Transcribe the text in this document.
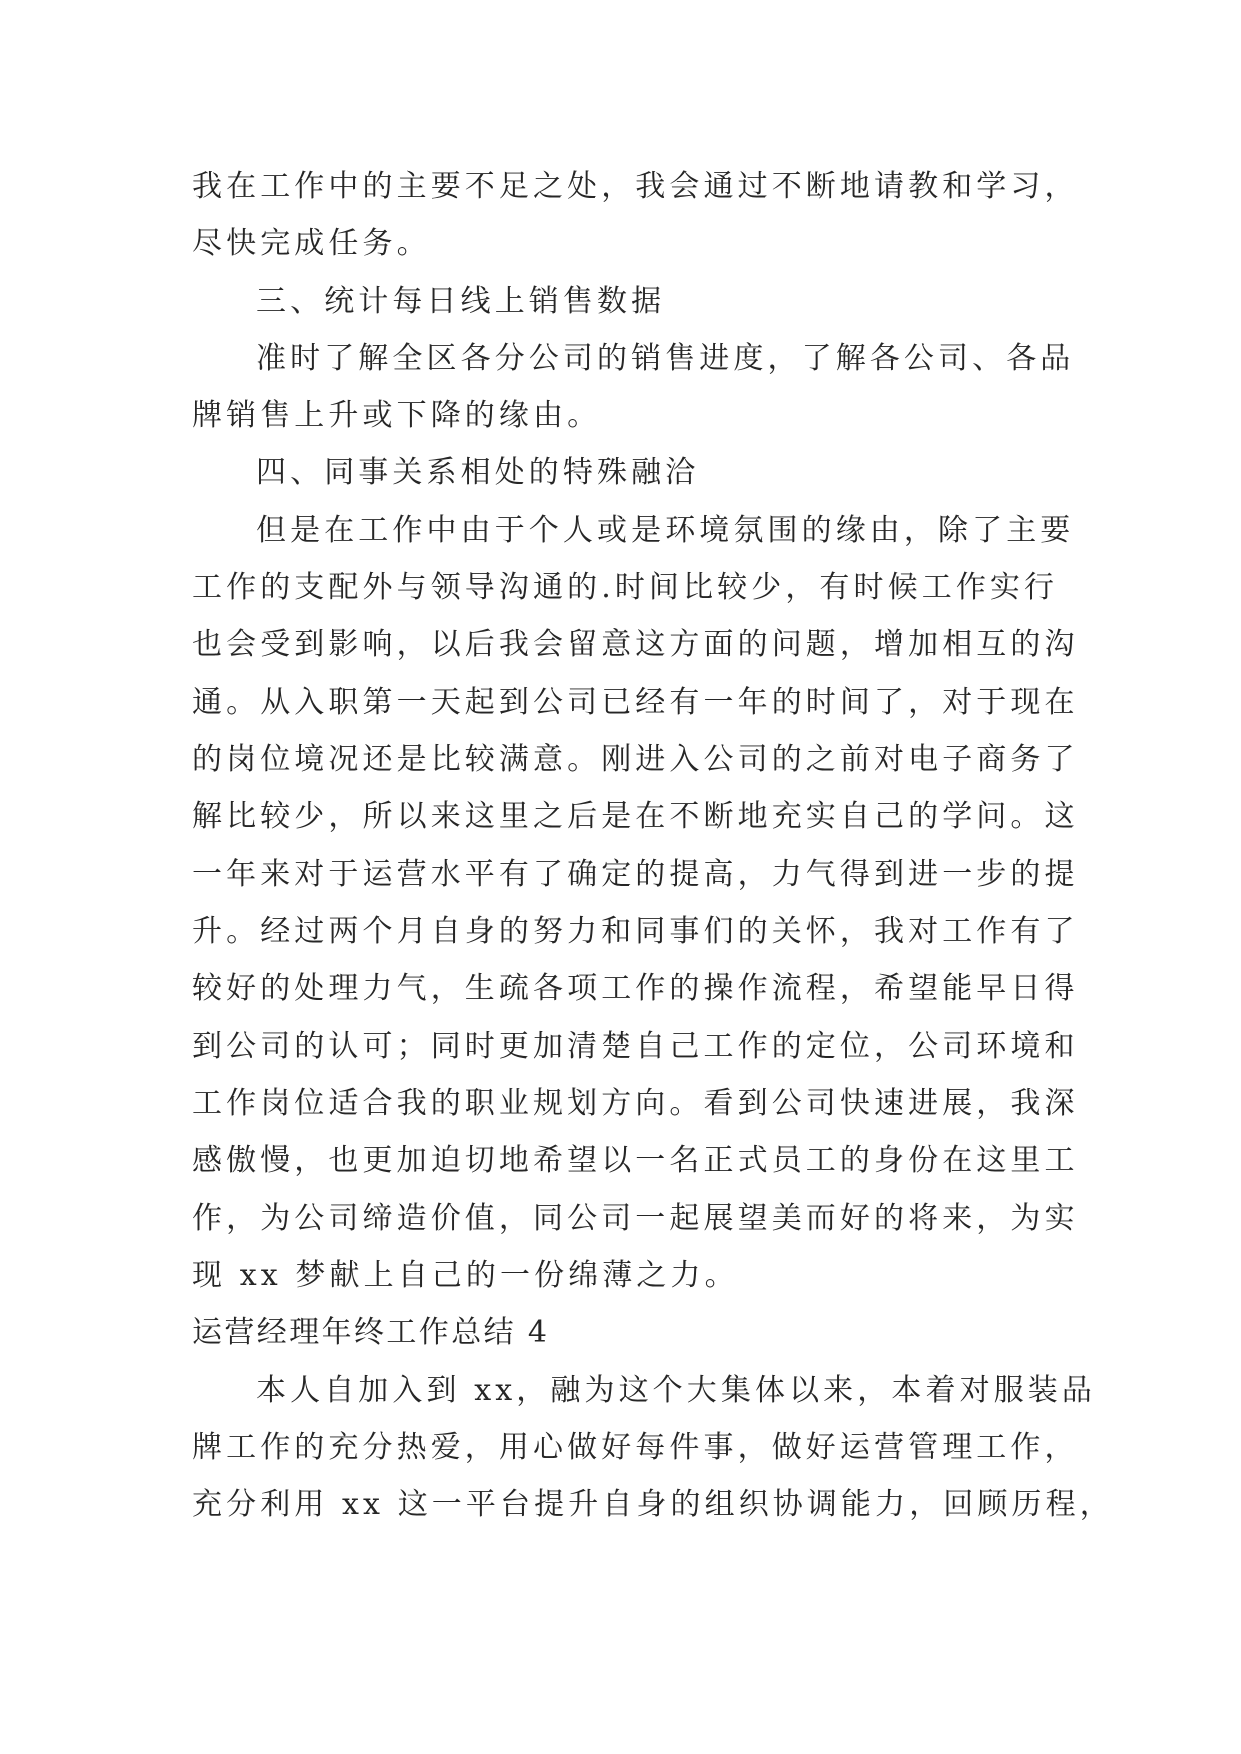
我在工作中的主要不足之处，我会通过不断地请教和学习，
尽快完成任务。
三、统计每日线上销售数据
准时了解全区各分公司的销售进度，了解各公司、各品
牌销售上升或下降的缘由。
四、同事关系相处的特殊融洽
但是在工作中由于个人或是环境氛围的缘由，除了主要
工作的支配外与领导沟通的.时间比较少，有时候工作实行
也会受到影响，以后我会留意这方面的问题，增加相互的沟
通。从入职第一天起到公司已经有一年的时间了，对于现在
的岗位境况还是比较满意。刚进入公司的之前对电子商务了
解比较少，所以来这里之后是在不断地充实自己的学问。这
一年来对于运营水平有了确定的提高，力气得到进一步的提
升。经过两个月自身的努力和同事们的关怀，我对工作有了
较好的处理力气，生疏各项工作的操作流程，希望能早日得
到公司的认可；同时更加清楚自己工作的定位，公司环境和
工作岗位适合我的职业规划方向。看到公司快速进展，我深
感傲慢，也更加迫切地希望以一名正式员工的身份在这里工
作，为公司缔造价值，同公司一起展望美而好的将来，为实
现 xx 梦献上自己的一份绵薄之力。
运营经理年终工作总结 4
本人自加入到 xx，融为这个大集体以来，本着对服装品
牌工作的充分热爱，用心做好每件事，做好运营管理工作，
充分利用 xx 这一平台提升自身的组织协调能力，回顾历程，
